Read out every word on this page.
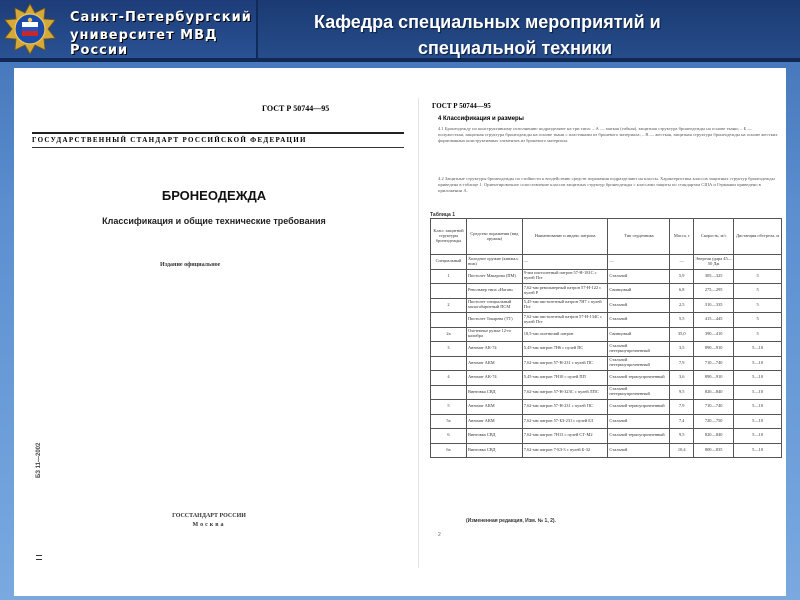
Санкт-Петербургский
университет МВД России
Кафедра специальных мероприятий и
специальной техники
ГОСТ Р 50744—95
ГОСУДАРСТВЕННЫЙ СТАНДАРТ РОССИЙСКОЙ ФЕДЕРАЦИИ
БРОНЕОДЕЖДА
Классификация и общие технические требования
Издание официальное
БЗ 11—2002
ГОССТАНДАРТ РОССИИ
Москва
ГОСТ Р 50744—95
4 Классификация и размеры
4.1 Бронеодежду по конструктивному исполнению подразделяют на три типа: – А — мягкая (гибкая), защитная структура бронеодежды на основе ткани; – Б — полужесткая, защитная структура бронеодежды на основе ткани с пластинами из броневого материала; – В — жесткая, защитная структура бронеодежды на основе жестких формованных конструктивных элементов из броневого материала.
4.2 Защитные структуры бронеодежды по стойкости к воздействию средств поражения подразделяют на классы. Характеристика классов защитных структур бронеодежды приведена в таблице 1. Ориентировочное сопоставление классов защитных структур бронеодежды с классами защиты по стандартам США и Германии приведено в приложении А.
Таблица 1
Класс защитной структуры бронеодежды	Средство поражения (вид оружия)	Наименование и индекс патрона	Тип сердечника	Масса, г	Скорость, м/с	Дистанция обстрела, м
Специальный	Холодное оружие (кинжал, нож)	—	—	—	Энергия удара 45—50 Дж	
1	Пистолет Макарова (ПМ)	9-мм пистолетный патрон 57-Н-181С с пулей Пст	Стальной	5,9	305—325	5
	Револьвер типа «Наган»	7,62-мм револьверный патрон 57-Н-122 с пулей Р	Свинцовый	6,8	275—295	5
2	Пистолет специальный малогабаритный ПСМ	5,45-мм пистолетный патрон 7Н7 с пулей Пст	Стальной	2,5	310—335	5
	Пистолет Токарева (ТТ)	7,62-мм пистолетный патрон 57-Н-134С с пулей Пст	Стальной	5,5	415—445	5
2а	Охотничье ружье 12-го калибра	18,5-мм охотничий патрон	Свинцовый	35,0	390—410	5
3	Автомат АК-74	5,45-мм патрон 7Н6 с пулей ПС	Стальной нетермоупрочненный	3,5	890—910	5—10
	Автомат АКМ	7,62-мм патрон 57-Н-231 с пулей ПС	Стальной нетермоупрочненный	7,9	710—740	5—10
4	Автомат АК-74	5,45-мм патрон 7Н10 с пулей ПП	Стальной термоупрочненный	3,6	890—910	5—10
	Винтовка СВД	7,62-мм патрон 57-Н-323С с пулей ЛПС	Стальной нетермоупрочненный	9,5	820—840	5—10
5	Автомат АКМ	7,62-мм патрон 57-Н-231 с пулей ПС	Стальной термоупрочненный	7,9	710—740	5—10
5а	Автомат АКМ	7,62-мм патрон 57-БЗ-231 с пулей БЗ	Стальной	7,4	720—750	5—10
6	Винтовка СВД	7,62-мм патрон 7Н13 с пулей СТ-М2	Стальной термоупрочненный	9,5	820—840	5—10
6а	Винтовка СВД	7,62-мм патрон 7-БЗ-3 с пулей Б-32	Стальной	10,4	800—835	5—10
(Измененная редакция, Изм. № 1, 2).
2
